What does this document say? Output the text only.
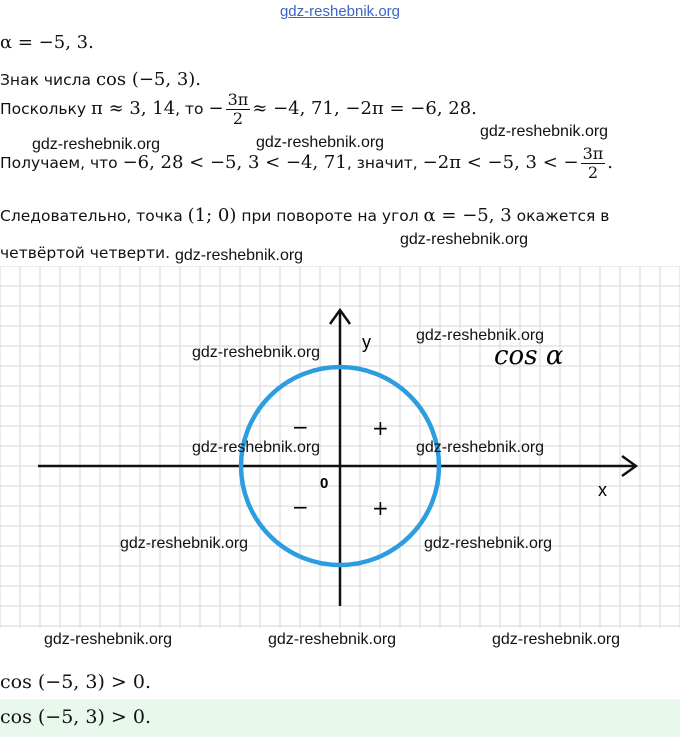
gdz-reshebnik.org
α = −5, 3.
Знак числа cos (−5, 3).
Поскольку π ≈ 3, 14, то − $\frac{3\pi}{2} \approx -4$, 71, −2π = −6, 28.
Получаем, что −6, 28 < −5, 3 < −4, 71, значит, −2π < −5, 3 < − $\frac{3\pi}{2}$ .
Следовательно, точка (1; 0) при повороте на угол α = −5, 3 окажется в
четвёртой четверти.
gdz-reshebnik.org	gdz-reshebnik.org
gdz-reshebnik.org
gdz-reshebnik.org
gdz-reshebnik.org
y
x
0
cos α
−	+
−	+
gdz-reshebnik.org
gdz-reshebnik.org
gdz-reshebnik.org	gdz-reshebnik.org
gdz-reshebnik.org	gdz-reshebnik.org
gdz-reshebnik.org	gdz-reshebnik.org	gdz-reshebnik.org
cos (−5, 3) > 0.
cos (−5, 3) > 0.
